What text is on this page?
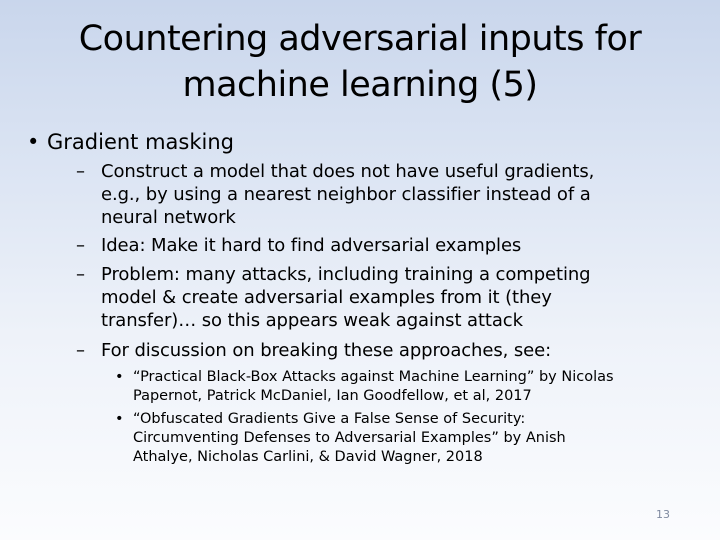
Countering adversarial inputs for
machine learning (5)
• Gradient masking
– Construct a model that does not have useful gradients,
e.g., by using a nearest neighbor classifier instead of a
neural network
– Idea: Make it hard to find adversarial examples
– Problem: many attacks, including training a competing
model & create adversarial examples from it (they
transfer)… so this appears weak against attack
– For discussion on breaking these approaches, see:
• “Practical Black-Box Attacks against Machine Learning” by Nicolas
Papernot, Patrick McDaniel, Ian Goodfellow, et al, 2017
• “Obfuscated Gradients Give a False Sense of Security:
Circumventing Defenses to Adversarial Examples” by Anish
Athalye, Nicholas Carlini, & David Wagner, 2018
13
